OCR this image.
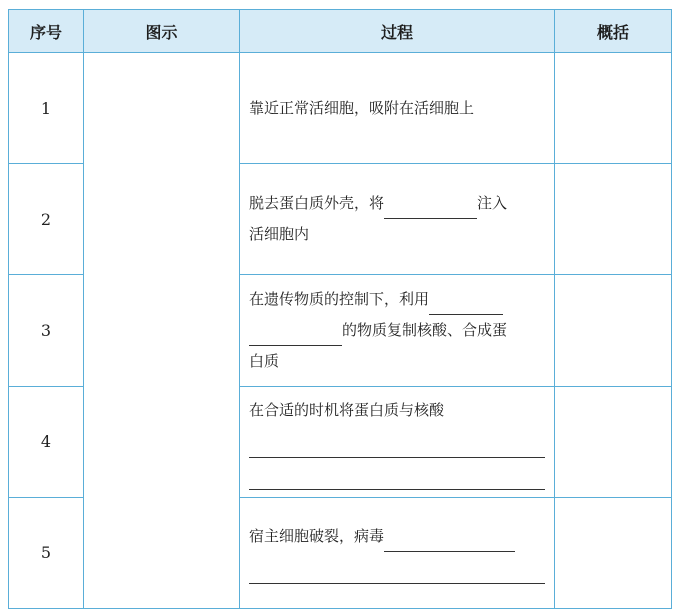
序号	图示	过程	概括
1		靠近正常活细胞，吸附在活细胞上	
2		脱去蛋白质外壳，将 注入
活细胞内	
3		在遗传物质的控制下，利用
的物质复制核酸、合成蛋
白质	
4		在合适的时机将蛋白质与核酸

5		宿主细胞破裂，病毒
